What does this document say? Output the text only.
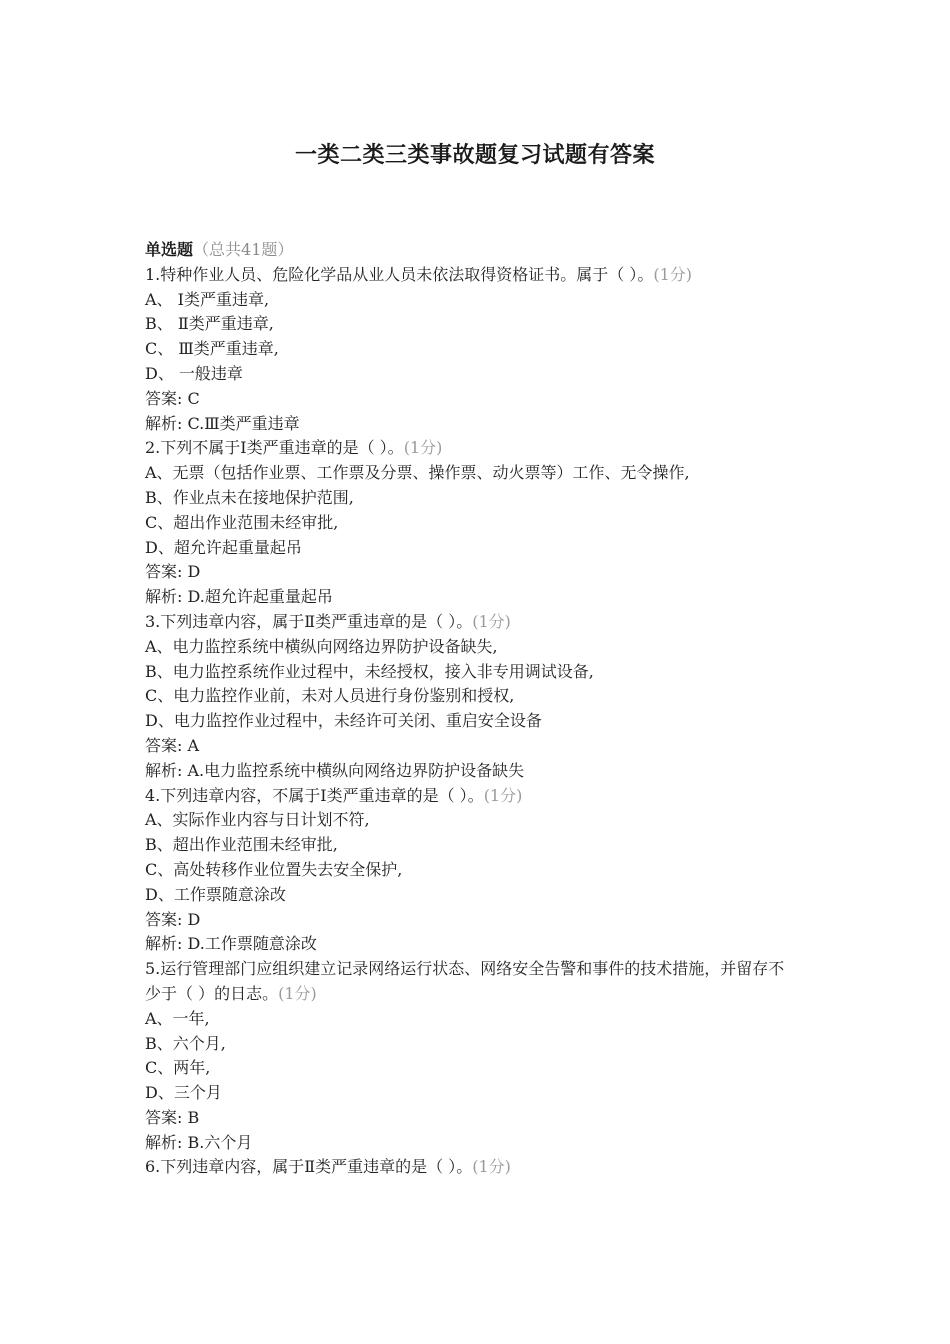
一类二类三类事故题复习试题有答案
单选题（总共41题）
1.特种作业人员、危险化学品从业人员未依法取得资格证书。属于（ ）。(1分)
A、 Ⅰ类严重违章,
B、 Ⅱ类严重违章,
C、 Ⅲ类严重违章,
D、 一般违章
答案: C
解析: C.Ⅲ类严重违章
2.下列不属于Ⅰ类严重违章的是（ ）。(1分)
A、无票（包括作业票、工作票及分票、操作票、动火票等）工作、无令操作,
B、作业点未在接地保护范围,
C、超出作业范围未经审批,
D、超允许起重量起吊
答案: D
解析: D.超允许起重量起吊
3.下列违章内容，属于Ⅱ类严重违章的是（ ）。(1分)
A、电力监控系统中横纵向网络边界防护设备缺失,
B、电力监控系统作业过程中，未经授权，接入非专用调试设备,
C、电力监控作业前，未对人员进行身份鉴别和授权,
D、电力监控作业过程中，未经许可关闭、重启安全设备
答案: A
解析: A.电力监控系统中横纵向网络边界防护设备缺失
4.下列违章内容，不属于Ⅰ类严重违章的是（ ）。(1分)
A、实际作业内容与日计划不符,
B、超出作业范围未经审批,
C、高处转移作业位置失去安全保护,
D、工作票随意涂改
答案: D
解析: D.工作票随意涂改
5.运行管理部门应组织建立记录网络运行状态、网络安全告警和事件的技术措施，并留存不少于（ ）的日志。(1分)
A、一年,
B、六个月,
C、两年,
D、三个月
答案: B
解析: B.六个月
6.下列违章内容，属于Ⅱ类严重违章的是（ ）。(1分)
